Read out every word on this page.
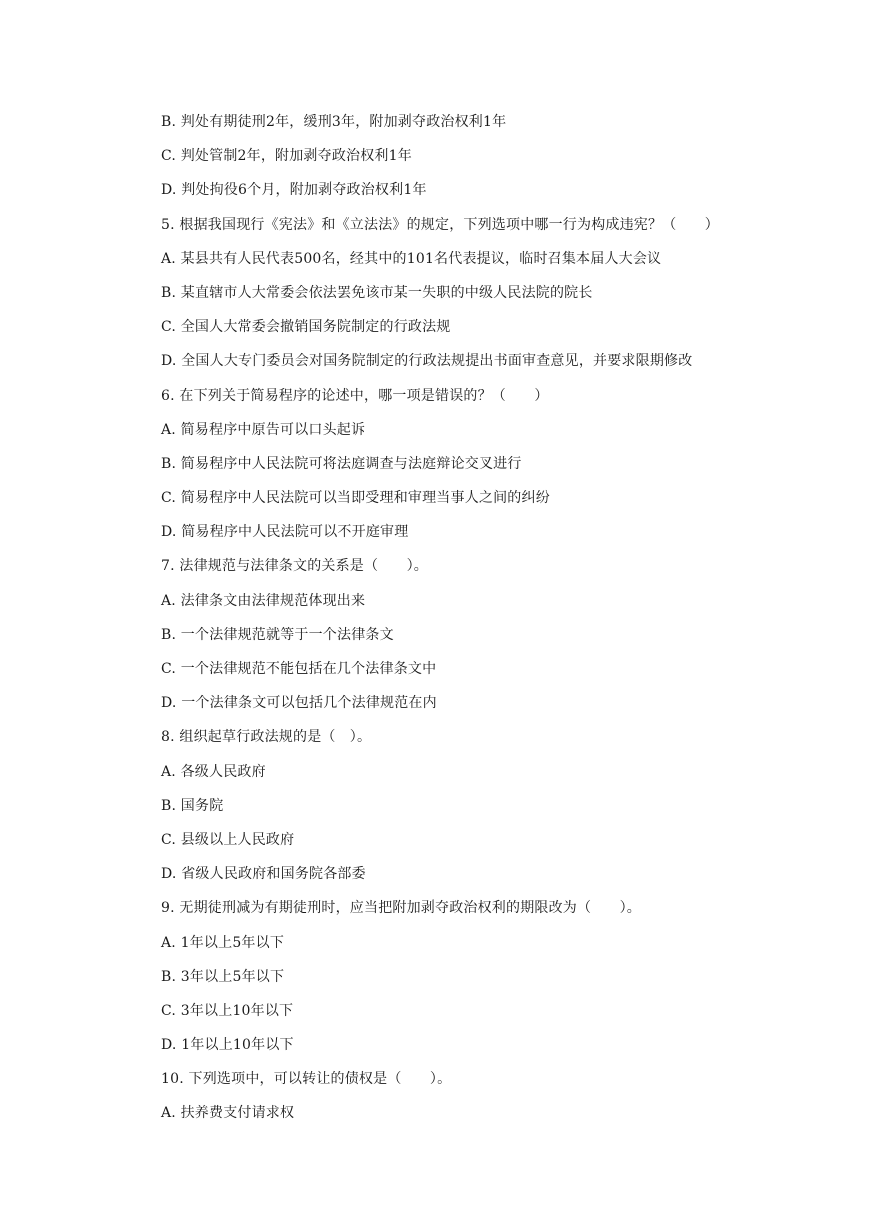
B. 判处有期徒刑2年，缓刑3年，附加剥夺政治权利1年
C. 判处管制2年，附加剥夺政治权利1年
D. 判处拘役6个月，附加剥夺政治权利1年
5. 根据我国现行《宪法》和《立法法》的规定，下列选项中哪一行为构成违宪？（　　）
A. 某县共有人民代表500名，经其中的101名代表提议，临时召集本届人大会议
B. 某直辖市人大常委会依法罢免该市某一失职的中级人民法院的院长
C. 全国人大常委会撤销国务院制定的行政法规
D. 全国人大专门委员会对国务院制定的行政法规提出书面审查意见，并要求限期修改
6. 在下列关于简易程序的论述中，哪一项是错误的？（　　）
A. 简易程序中原告可以口头起诉
B. 简易程序中人民法院可将法庭调查与法庭辩论交叉进行
C. 简易程序中人民法院可以当即受理和审理当事人之间的纠纷
D. 简易程序中人民法院可以不开庭审理
7. 法律规范与法律条文的关系是（　　）。
A. 法律条文由法律规范体现出来
B. 一个法律规范就等于一个法律条文
C. 一个法律规范不能包括在几个法律条文中
D. 一个法律条文可以包括几个法律规范在内
8. 组织起草行政法规的是（　）。
A. 各级人民政府
B. 国务院
C. 县级以上人民政府
D. 省级人民政府和国务院各部委
9. 无期徒刑减为有期徒刑时，应当把附加剥夺政治权利的期限改为（　　）。
A. 1年以上5年以下
B. 3年以上5年以下
C. 3年以上10年以下
D. 1年以上10年以下
10. 下列选项中，可以转让的债权是（　　）。
A. 扶养费支付请求权
